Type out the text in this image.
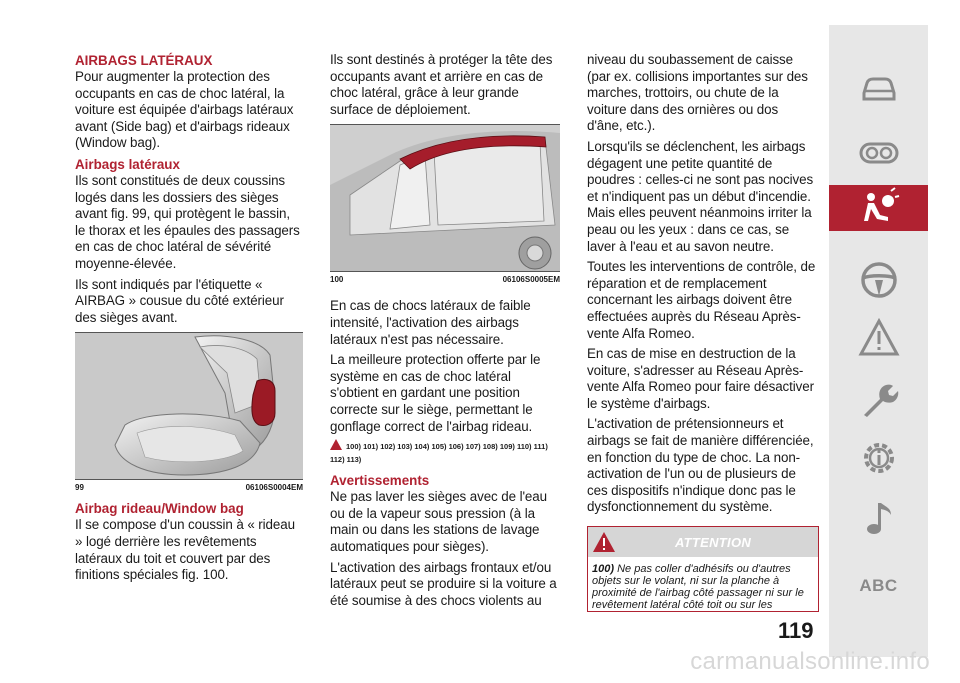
AIRBAGS LATÉRAUX

Pour augmenter la protection des occupants en cas de choc latéral, la voiture est équipée d'airbags latéraux avant (Side bag) et d'airbags rideaux (Window bag).

Airbags latéraux

Ils sont constitués de deux coussins logés dans les dossiers des sièges avant fig. 99, qui protègent le bassin, le thorax et les épaules des passagers en cas de choc latéral de sévérité moyenne-élevée.

Ils sont indiqués par l'étiquette « AIRBAG » cousue du côté extérieur des sièges avant.

99	06106S0004EM
Airbag rideau/Window bag

Il se compose d'un coussin à « rideau » logé derrière les revêtements latéraux du toit et couvert par des finitions spéciales fig. 100.

Ils sont destinés à protéger la tête des occupants avant et arrière en cas de choc latéral, grâce à leur grande surface de déploiement.

100	06106S0005EM

En cas de chocs latéraux de faible intensité, l'activation des airbags latéraux n'est pas nécessaire.

La meilleure protection offerte par le système en cas de choc latéral s'obtient en gardant une position correcte sur le siège, permettant le gonflage correct de l'airbag rideau.

100) 101) 102) 103) 104) 105) 106) 107) 108) 109) 110) 111) 112) 113)
Avertissements

Ne pas laver les sièges avec de l'eau ou de la vapeur sous pression (à la main ou dans les stations de lavage automatiques pour sièges).

L'activation des airbags frontaux et/ou latéraux peut se produire si la voiture a été soumise à des chocs violents au

niveau du soubassement de caisse (par ex. collisions importantes sur des marches, trottoirs, ou chute de la voiture dans des ornières ou dos d'âne, etc.).

Lorsqu'ils se déclenchent, les airbags dégagent une petite quantité de poudres : celles-ci ne sont pas nocives et n'indiquent pas un début d'incendie. Mais elles peuvent néanmoins irriter la peau ou les yeux : dans ce cas, se laver à l'eau et au savon neutre.

Toutes les interventions de contrôle, de réparation et de remplacement concernant les airbags doivent être effectuées auprès du Réseau Après-vente Alfa Romeo.

En cas de mise en destruction de la voiture, s'adresser au Réseau Après-vente Alfa Romeo pour faire désactiver le système d'airbags.

L'activation de prétensionneurs et airbags se fait de manière différenciée, en fonction du type de choc. La non-activation de l'un ou de plusieurs de ces dispositifs n'indique donc pas le dysfonctionnement du système.

ATTENTION
100) Ne pas coller d'adhésifs ou d'autres objets sur le volant, ni sur la planche à proximité de l'airbag côté passager ni sur le revêtement latéral côté toit ou sur les
ABC
119
carmanualsonline.info
